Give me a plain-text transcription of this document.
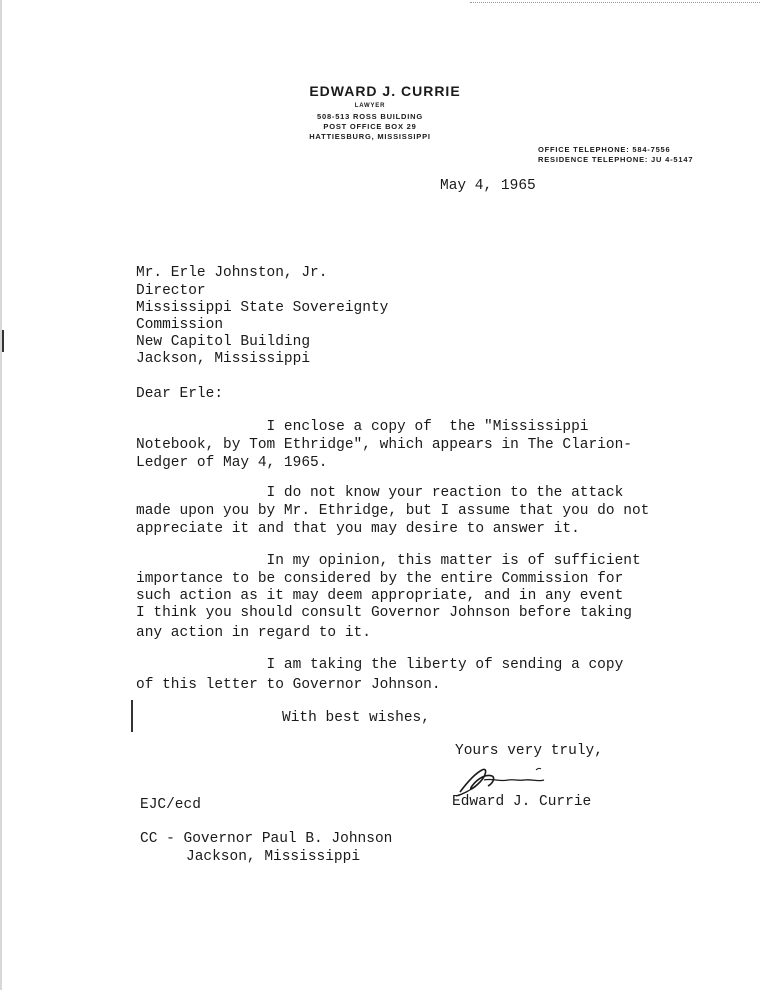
EDWARD J. CURRIE
LAWYER
508-513 ROSS BUILDING
POST OFFICE BOX 29
HATTIESBURG, MISSISSIPPI
OFFICE TELEPHONE: 584-7556
RESIDENCE TELEPHONE: JU 4-5147
May 4, 1965
Mr. Erle Johnston, Jr.
Director
Mississippi State Sovereignty
Commission
New Capitol Building
Jackson, Mississippi
Dear Erle:
I enclose a copy of  the "Mississippi
Notebook, by Tom Ethridge", which appears in The Clarion-
Ledger of May 4, 1965.
I do not know your reaction to the attack
made upon you by Mr. Ethridge, but I assume that you do not
appreciate it and that you may desire to answer it.
In my opinion, this matter is of sufficient
importance to be considered by the entire Commission for
such action as it may deem appropriate, and in any event
I think you should consult Governor Johnson before taking
any action in regard to it.
I am taking the liberty of sending a copy
of this letter to Governor Johnson.
With best wishes,
Yours very truly,
Edward J. Currie
EJC/ecd
CC - Governor Paul B. Johnson
Jackson, Mississippi
